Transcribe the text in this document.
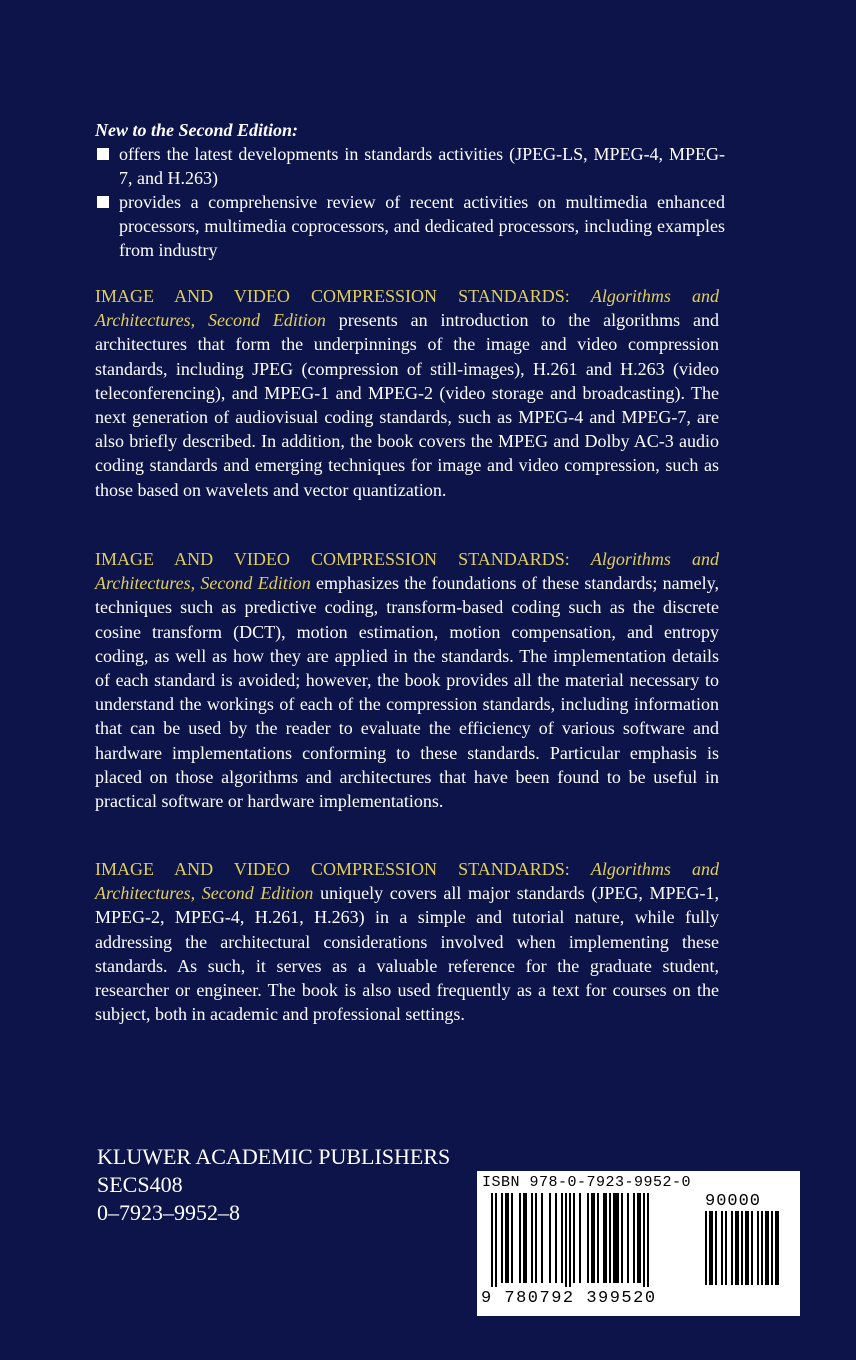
New to the Second Edition:

offers the latest developments in standards activities (JPEG-LS, MPEG-4, MPEG-7, and H.263)
provides a comprehensive review of recent activities on multimedia enhanced processors, multimedia coprocessors, and dedicated processors, including examples from industry

IMAGE AND VIDEO COMPRESSION STANDARDS: Algorithms and Architectures, Second Edition presents an introduction to the algorithms and architectures that form the underpinnings of the image and video compression standards, including JPEG (compression of still-images), H.261 and H.263 (video teleconferencing), and MPEG-1 and MPEG-2 (video storage and broadcasting). The next generation of audiovisual coding standards, such as MPEG-4 and MPEG-7, are also briefly described. In addition, the book covers the MPEG and Dolby AC-3 audio coding standards and emerging techniques for image and video compression, such as those based on wavelets and vector quantization.

IMAGE AND VIDEO COMPRESSION STANDARDS: Algorithms and Architectures, Second Edition emphasizes the foundations of these standards; namely, techniques such as predictive coding, transform-based coding such as the discrete cosine transform (DCT), motion estimation, motion compensation, and entropy coding, as well as how they are applied in the standards. The implementation details of each standard is avoided; however, the book provides all the material necessary to understand the workings of each of the compression standards, including information that can be used by the reader to evaluate the efficiency of various software and hardware implementations conforming to these standards. Particular emphasis is placed on those algorithms and architectures that have been found to be useful in practical software or hardware implementations.

IMAGE AND VIDEO COMPRESSION STANDARDS: Algorithms and Architectures, Second Edition uniquely covers all major standards (JPEG, MPEG-1, MPEG-2, MPEG-4, H.261, H.263) in a simple and tutorial nature, while fully addressing the architectural considerations involved when implementing these standards. As such, it serves as a valuable reference for the graduate student, researcher or engineer. The book is also used frequently as a text for courses on the subject, both in academic and professional settings.

KLUWER ACADEMIC PUBLISHERS
SECS408
0–7923–9952–8
ISBN 978-0-7923-9952-0
90000
9 780792 399520
